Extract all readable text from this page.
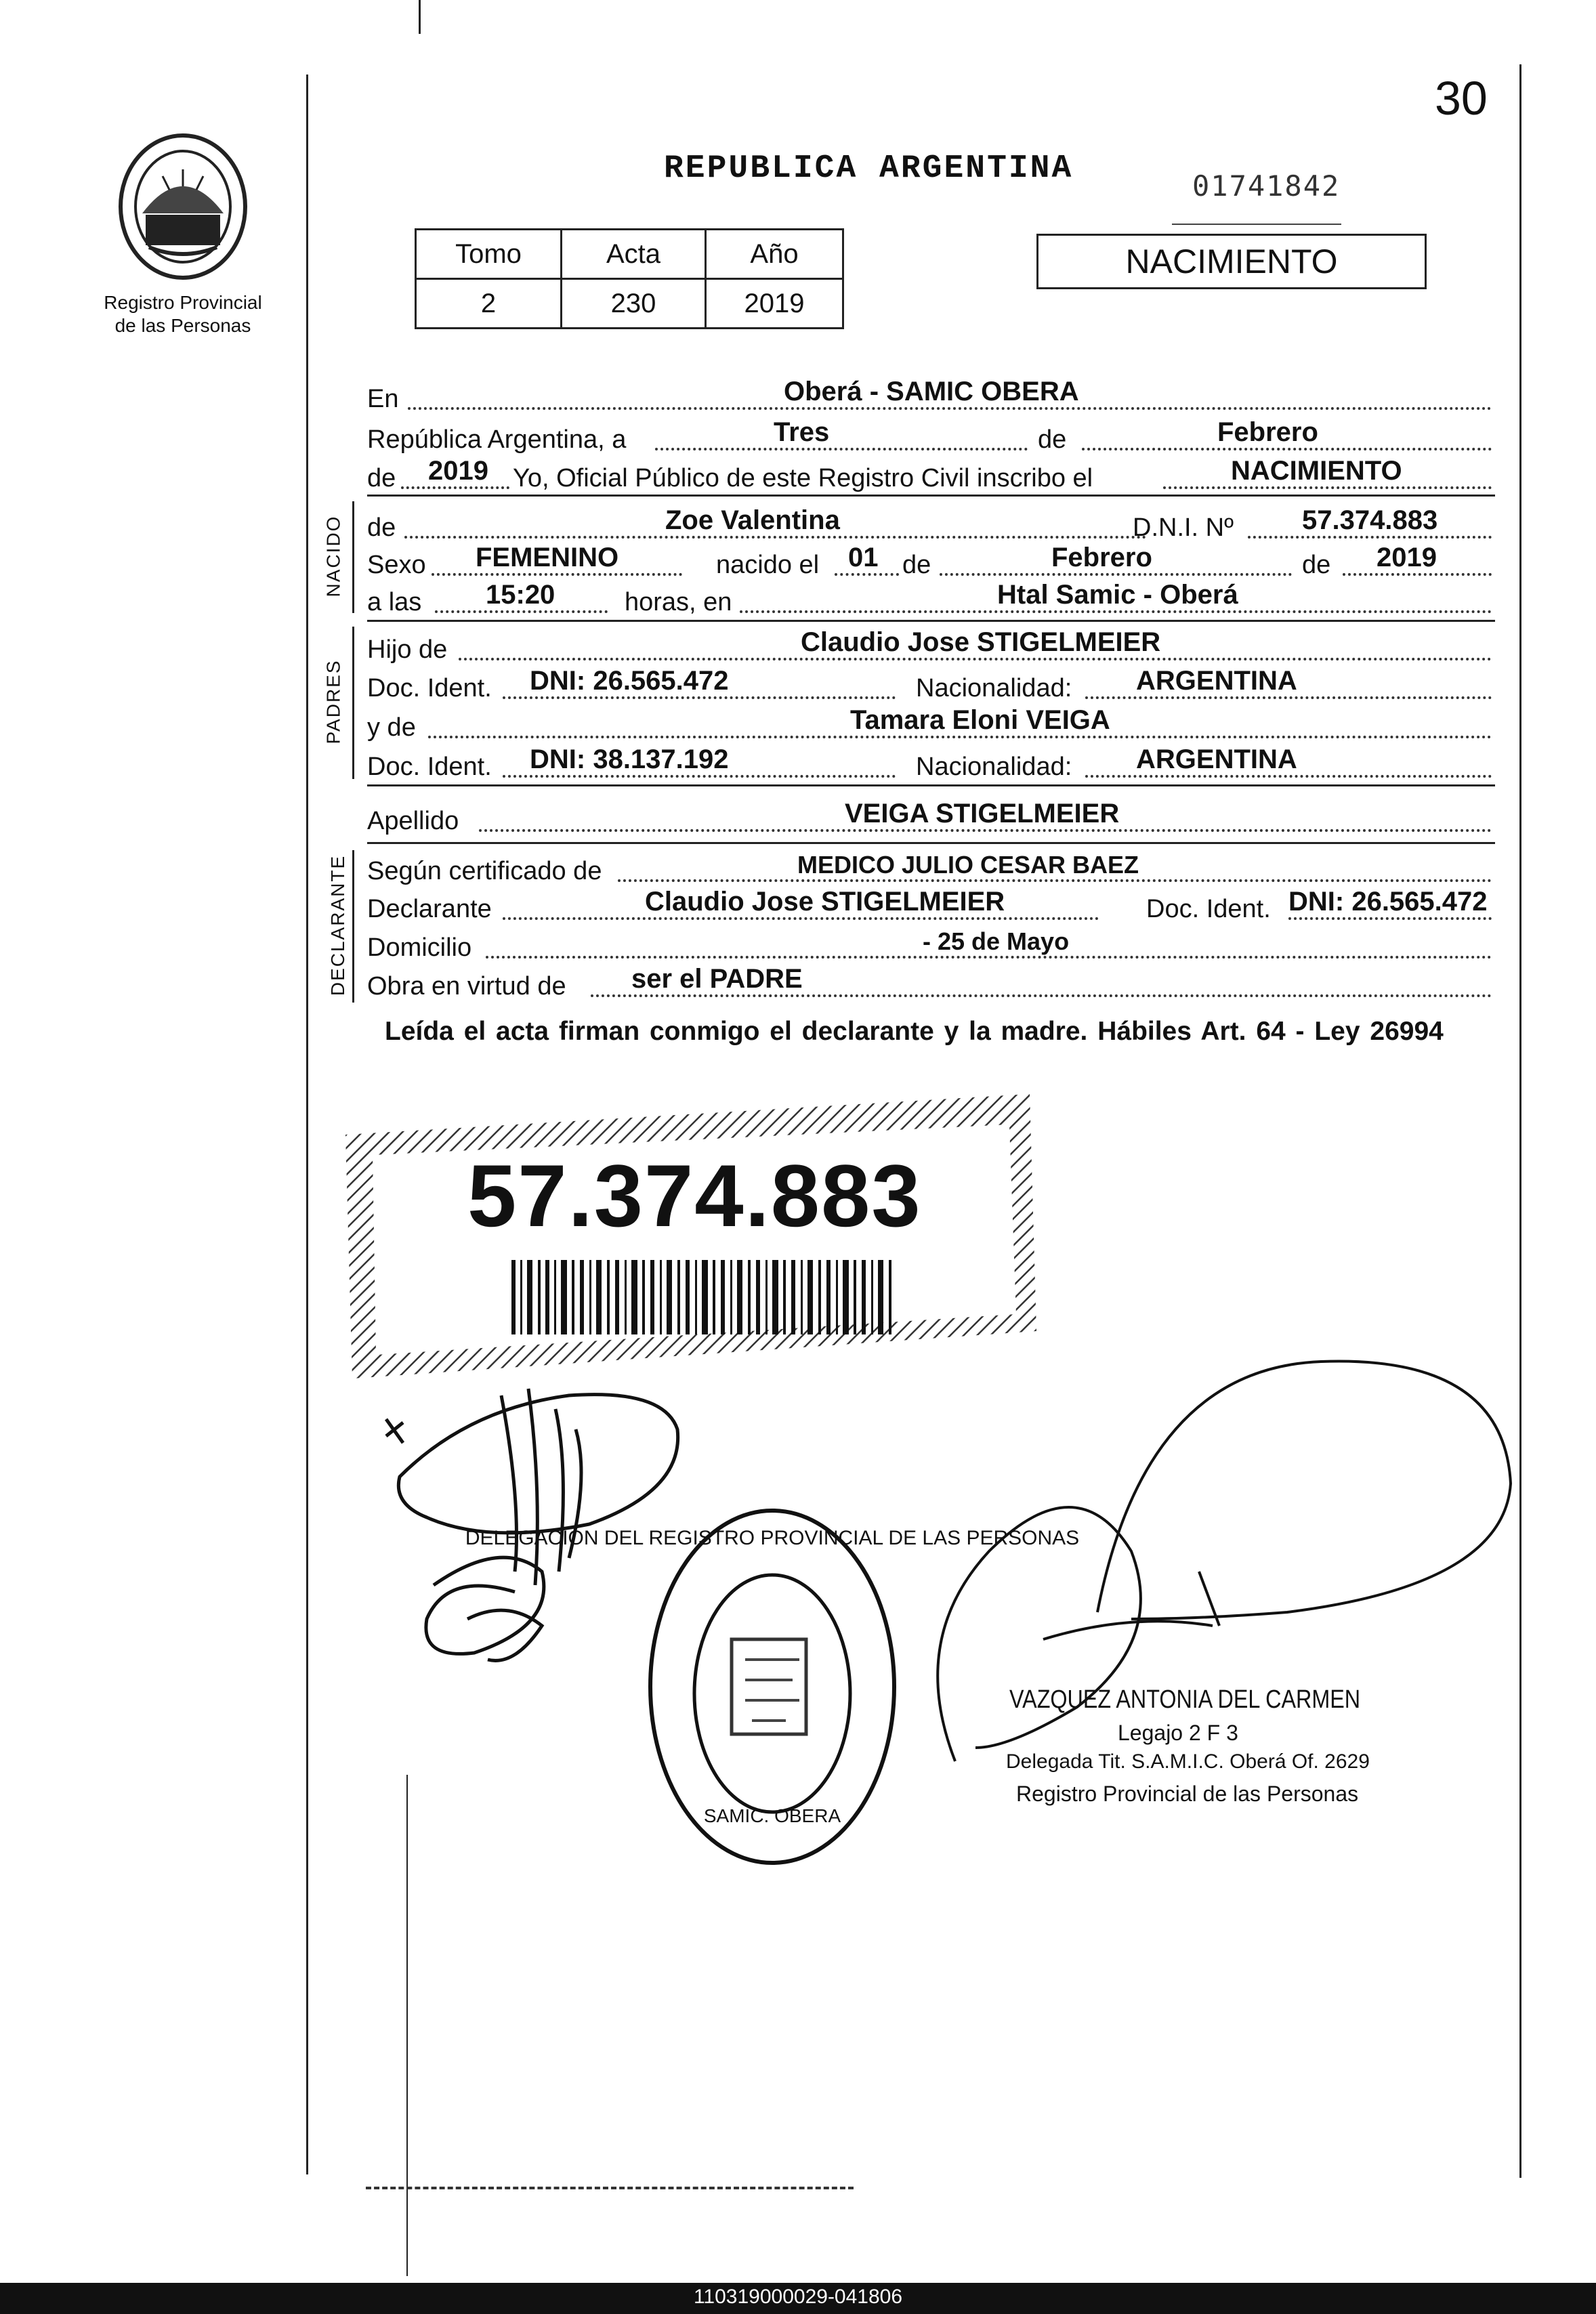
30
Registro Provincial
de las Personas
REPUBLICA ARGENTINA	01741842
Tomo	Acta	Año
2	230	2019
NACIMIENTO
En	Oberá - SAMIC OBERA
República Argentina, a	Tres	de	Febrero
de 2019 Yo, Oficial Público de este Registro Civil inscribo el	NACIMIENTO
NACIDO de	Zoe Valentina	D.N.I. Nº	57.374.883
Sexo FEMENINO	nacido el 01 de	Febrero	de 2019
a las 15:20	horas, en	Htal Samic - Oberá
PADRES
Hijo de	Claudio Jose STIGELMEIER
Doc. Ident. DNI: 26.565.472	Nacionalidad: ARGENTINA
y de	Tamara Eloni VEIGA
Doc. Ident. DNI: 38.137.192	Nacionalidad: ARGENTINA
Apellido	VEIGA STIGELMEIER
DECLARANTE Según certificado de	MEDICO JULIO CESAR BAEZ
Declarante	Claudio Jose STIGELMEIER	Doc. Ident. DNI: 26.565.472
Domicilio	- 25 de Mayo
Obra en virtud de ser el PADRE
Leída el acta firman conmigo el declarante y la madre. Hábiles Art. 64 - Ley 26994
57.374.883
DELEGACIÓN DEL REGISTRO PROVINCIAL DE LAS PERSONAS
SAMIC. OBERA
VAZQUEZ ANTONIA DEL CARMEN
Legajo 2 F 3
Delegada Tit. S.A.M.I.C. Oberá Of. 2629
Registro Provincial de las Personas
110319000029-041806
